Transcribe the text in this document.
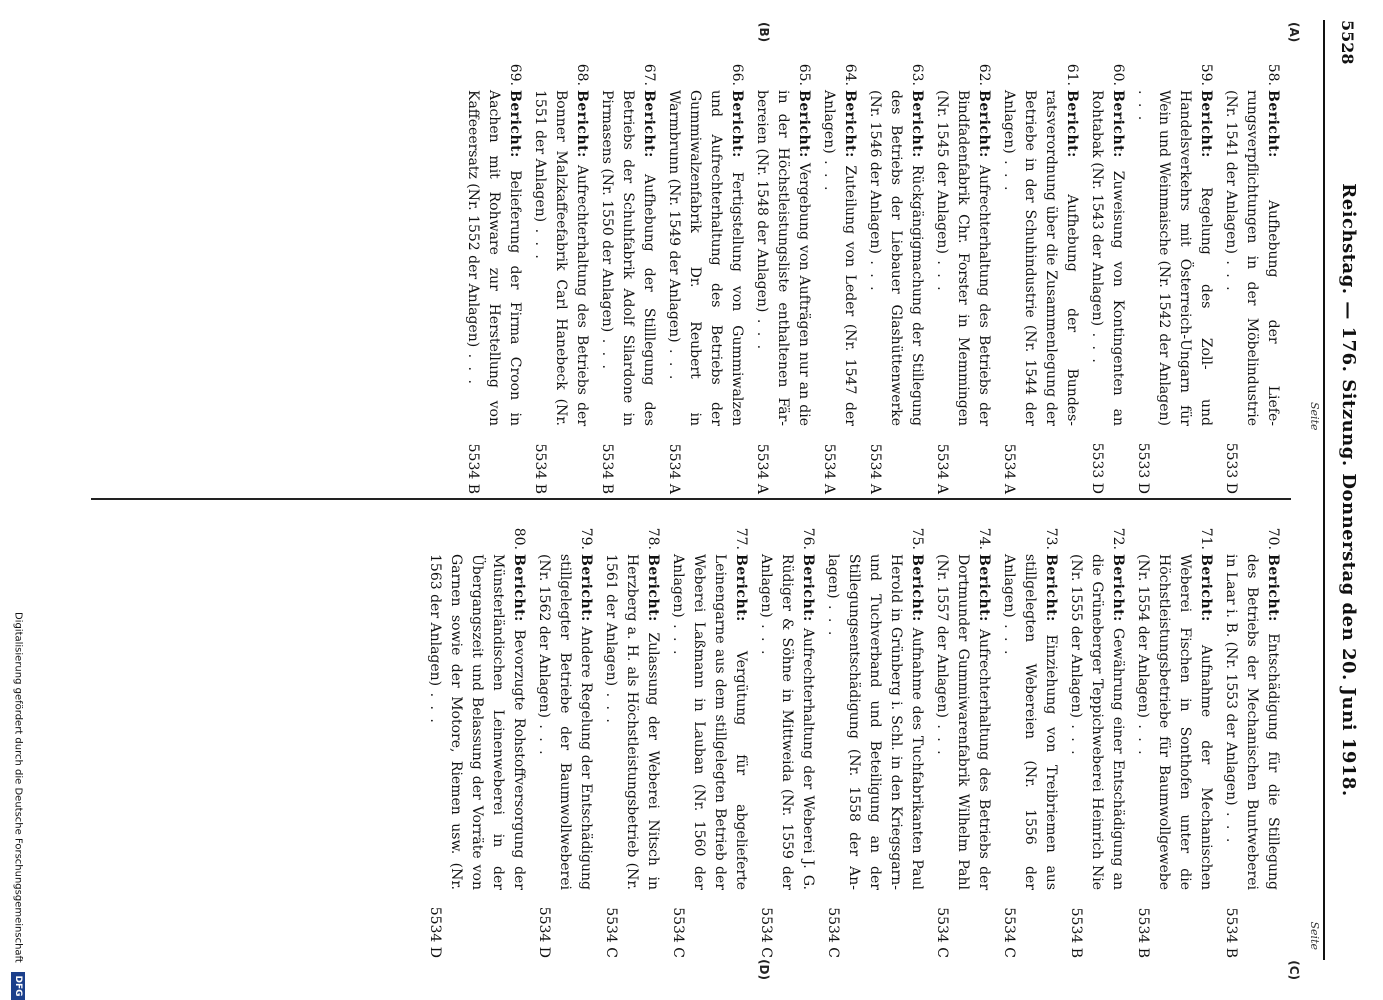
5528
Reichstag. — 176. Sitzung. Donnerstag den 20. Juni 1918.
Seite
Seite
(A)
(B)
(C)
(D)
58.
Bericht: Aufhebung der Lieferungsverpflichtungen in der Möbelindustrie (Nr. 1541 der Anlagen) . . .
5533 D
59.
Bericht: Regelung des Zoll- und Handelsverkehrs mit Österreich-Ungarn für Wein und Weinmaische (Nr. 1542 der Anlagen) . . .
5533 D
60.
Bericht: Zuweisung von Kontingenten an Rohtabak (Nr. 1543 der Anlagen) . . .
5533 D
61.
Bericht: Aufhebung der Bundesratsverordnung über die Zusammenlegung der Betriebe in der Schuhindustrie (Nr. 1544 der Anlagen) . . .
5534 A
62.
Bericht: Aufrechterhaltung des Betriebs der Bindfadenfabrik Chr. Forster in Memmingen (Nr. 1545 der Anlagen) . . .
5534 A
63.
Bericht: Rückgängigmachung der Stillegung des Betriebs der Liebauer Glashüttenwerke (Nr. 1546 der Anlagen) . . .
5534 A
64.
Bericht: Zuteilung von Leder (Nr. 1547 der Anlagen) . . .
5534 A
65.
Bericht: Vergebung von Aufträgen nur an die in der Höchstleistungsliste enthaltenen Färbereien (Nr. 1548 der Anlagen) . . .
5534 A
66.
Bericht: Fertigstellung von Gummiwalzen und Aufrechterhaltung des Betriebs der Gummiwalzenfabrik Dr. Reubert in Warmbrunn (Nr. 1549 der Anlagen) . . .
5534 A
67.
Bericht: Aufhebung der Stilllegung des Betriebs der Schuhfabrik Adolf Silardone in Pirmasens (Nr. 1550 der Anlagen) . . .
5534 B
68.
Bericht: Aufrechterhaltung des Betriebs der Bonner Malzkaffeefabrik Carl Hanebeck (Nr. 1551 der Anlagen) . . .
5534 B
69.
Bericht: Belieferung der Firma Croon in Aachen mit Rohware zur Herstellung von Kaffeeersatz (Nr. 1552 der Anlagen) . . .
5534 B
70.
Bericht: Entschädigung für die Stillegung des Betriebs der Mechanischen Buntweberei in Laar i. B. (Nr. 1553 der Anlagen) . . .
5534 B
71.
Bericht: Aufnahme der Mechanischen Weberei Fischen in Sonthofen unter die Höchstleistungsbetriebe für Baumwollgewebe (Nr. 1554 der Anlagen) . . .
5534 B
72.
Bericht: Gewährung einer Entschädigung an die Grüneberger Teppichweberei Heinrich Nie (Nr. 1555 der Anlagen) . . .
5534 B
73.
Bericht: Einziehung von Treibriemen aus stillgelegten Webereien (Nr. 1556 der Anlagen) . . .
5534 C
74.
Bericht: Aufrechterhaltung des Betriebs der Dortmunder Gummiwarenfabrik Wilhelm Pahl (Nr. 1557 der Anlagen) . . .
5534 C
75.
Bericht: Aufnahme des Tuchfabrikanten Paul Herold in Grünberg i. Schl. in den Kriegsgarn- und Tuchverband und Beteiligung an der Stillegungsentschädigung (Nr. 1558 der Anlagen) . . .
5534 C
76.
Bericht: Aufrechterhaltung der Weberei J. G. Rüdiger & Söhne in Mittweida (Nr. 1559 der Anlagen) . . .
5534 C
77.
Bericht: Vergütung für abgelieferte Leinengarne aus dem stillgelegten Betrieb der Weberei Laßmann in Lauban (Nr. 1560 der Anlagen) . . .
5534 C
78.
Bericht: Zulassung der Weberei Nitsch in Herzberg a. H. als Höchstleistungsbetrieb (Nr. 1561 der Anlagen) . . .
5534 C
79.
Bericht: Andere Regelung der Entschädigung stillgelegter Betriebe der Baumwollweberei (Nr. 1562 der Anlagen) . . .
5534 D
80.
Bericht: Bevorzugte Rohstoffversorgung der Münsterländischen Leinenweberei in der Übergangszeit und Belassung der Vorräte von Garnen sowie der Motore, Riemen usw. (Nr. 1563 der Anlagen) . . .
5534 D
Digitalisierung gefördert durch die Deutsche Forschungsgemeinschaft DFG
